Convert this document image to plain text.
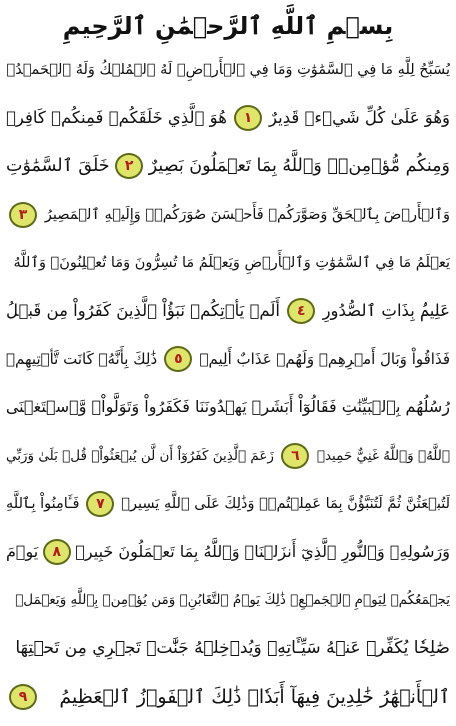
بِسۡمِ ٱللَّهِ ٱلرَّحۡمَٰنِ ٱلرَّحِيمِ
يُسَبِّحُ لِلَّهِ مَا فِي ٱلسَّمَٰوَٰتِ وَمَا فِي ٱلۡأَرۡضِۖ لَهُ ٱلۡمُلۡكُ وَلَهُ ٱلۡحَمۡدُۖ
وَهُوَ عَلَىٰ كُلِّ شَيۡءٖ قَدِيرٌ
١
هُوَ ٱلَّذِي خَلَقَكُمۡ فَمِنكُمۡ كَافِرٞ
وَمِنكُم مُّؤۡمِنٞۚ وَٱللَّهُ بِمَا تَعۡمَلُونَ بَصِيرٌ
٢
خَلَقَ ٱلسَّمَٰوَٰتِ
وَٱلۡأَرۡضَ بِٱلۡحَقِّ وَصَوَّرَكُمۡ فَأَحۡسَنَ صُوَرَكُمۡۖ وَإِلَيۡهِ ٱلۡمَصِيرُ
٣
يَعۡلَمُ مَا فِي ٱلسَّمَٰوَٰتِ وَٱلۡأَرۡضِ وَيَعۡلَمُ مَا تُسِرُّونَ وَمَا تُعۡلِنُونَۚ وَٱللَّهُ
عَلِيمُۢ بِذَاتِ ٱلصُّدُورِ
٤
أَلَمۡ يَأۡتِكُمۡ نَبَؤُاْ ٱلَّذِينَ كَفَرُواْ مِن قَبۡلُ
فَذَاقُواْ وَبَالَ أَمۡرِهِمۡ وَلَهُمۡ عَذَابٌ أَلِيمٞ
٥
ذَٰلِكَ بِأَنَّهُۥ كَانَت تَّأۡتِيهِمۡ
رُسُلُهُم بِٱلۡبَيِّنَٰتِ فَقَالُوٓاْ أَبَشَرٞ يَهۡدُونَنَا فَكَفَرُواْ وَتَوَلَّواْۚ وَّٱسۡتَغۡنَى
ٱللَّهُۚ وَٱللَّهُ غَنِيٌّ حَمِيدٞ
٦
زَعَمَ ٱلَّذِينَ كَفَرُوٓاْ أَن لَّن يُبۡعَثُواْۚ قُلۡ بَلَىٰ وَرَبِّي
لَتُبۡعَثُنَّ ثُمَّ لَتُنَبَّؤُنَّ بِمَا عَمِلۡتُمۡۚ وَذَٰلِكَ عَلَى ٱللَّهِ يَسِيرٞ
٧
فَـَٔامِنُواْ بِٱللَّهِ
وَرَسُولِهِۦ وَٱلنُّورِ ٱلَّذِيٓ أَنزَلۡنَاۚ وَٱللَّهُ بِمَا تَعۡمَلُونَ خَبِيرٞ
٨
يَوۡمَ
يَجۡمَعُكُمۡ لِيَوۡمِ ٱلۡجَمۡعِۖ ذَٰلِكَ يَوۡمُ ٱلتَّغَابُنِۗ وَمَن يُؤۡمِنۢ بِٱللَّهِ وَيَعۡمَلۡ
صَٰلِحٗا يُكَفِّرۡ عَنۡهُ سَيِّـَٔاتِهِۦ وَيُدۡخِلۡهُ جَنَّٰتٖ تَجۡرِي مِن تَحۡتِهَا
ٱلۡأَنۡهَٰرُ خَٰلِدِينَ فِيهَآ أَبَدٗاۚ ذَٰلِكَ ٱلۡفَوۡزُ ٱلۡعَظِيمُ
٩
